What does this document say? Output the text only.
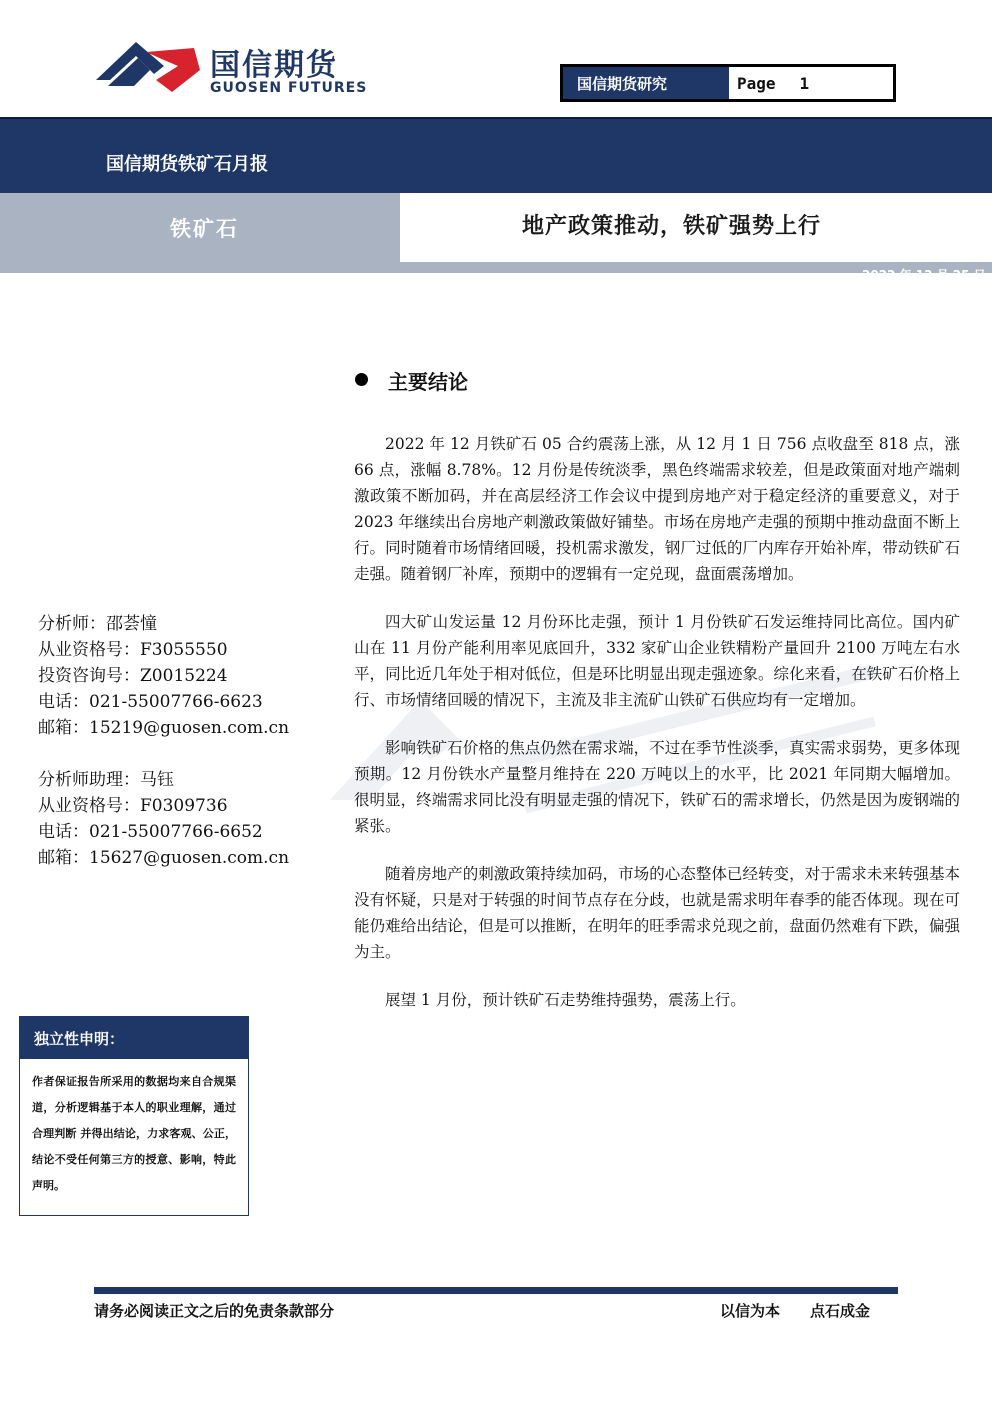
国信期货
GUOSEN FUTURES	国信期货研究	Page 1
国信期货铁矿石月报
铁矿石	地产政策推动，铁矿强势上行
2022 年 12 月 25 日
主要结论

2022 年 12 月铁矿石 05 合约震荡上涨，从 12 月 1 日 756 点收盘至 818 点，涨 66 点，涨幅 8.78%。12 月份是传统淡季，黑色终端需求较差，但是政策面对地产端刺激政策不断加码，并在高层经济工作会议中提到房地产对于稳定经济的重要意义，对于 2023 年继续出台房地产刺激政策做好铺垫。市场在房地产走强的预期中推动盘面不断上行。同时随着市场情绪回暖，投机需求激发，钢厂过低的厂内库存开始补库，带动铁矿石走强。随着钢厂补库，预期中的逻辑有一定兑现，盘面震荡增加。

四大矿山发运量 12 月份环比走强，预计 1 月份铁矿石发运维持同比高位。国内矿山在 11 月份产能利用率见底回升，332 家矿山企业铁精粉产量回升 2100 万吨左右水平，同比近几年处于相对低位，但是环比明显出现走强迹象。综化来看，在铁矿石价格上行、市场情绪回暖的情况下，主流及非主流矿山铁矿石供应均有一定增加。

影响铁矿石价格的焦点仍然在需求端，不过在季节性淡季，真实需求弱势，更多体现预期。12 月份铁水产量整月维持在 220 万吨以上的水平，比 2021 年同期大幅增加。很明显，终端需求同比没有明显走强的情况下，铁矿石的需求增长，仍然是因为废钢端的紧张。

随着房地产的刺激政策持续加码，市场的心态整体已经转变，对于需求未来转强基本没有怀疑，只是对于转强的时间节点存在分歧，也就是需求明年春季的能否体现。现在可能仍难给出结论，但是可以推断，在明年的旺季需求兑现之前，盘面仍然难有下跌，偏强为主。

展望 1 月份，预计铁矿石走势维持强势，震荡上行。

分析师：邵荟憧
从业资格号：F3055550
投资咨询号：Z0015224
电话：021-55007766-6623
邮箱：15219@guosen.com.cn
分析师助理：马钰
从业资格号：F0309736
电话：021-55007766-6652
邮箱：15627@guosen.com.cn
独立性申明：
作者保证报告所采用的数据均来自合规渠道，分析逻辑基于本人的职业理解，通过合理判断 并得出结论，力求客观、公正，结论不受任何第三方的授意、影响，特此声明。
请务必阅读正文之后的免责条款部分	以信为本　　点石成金
